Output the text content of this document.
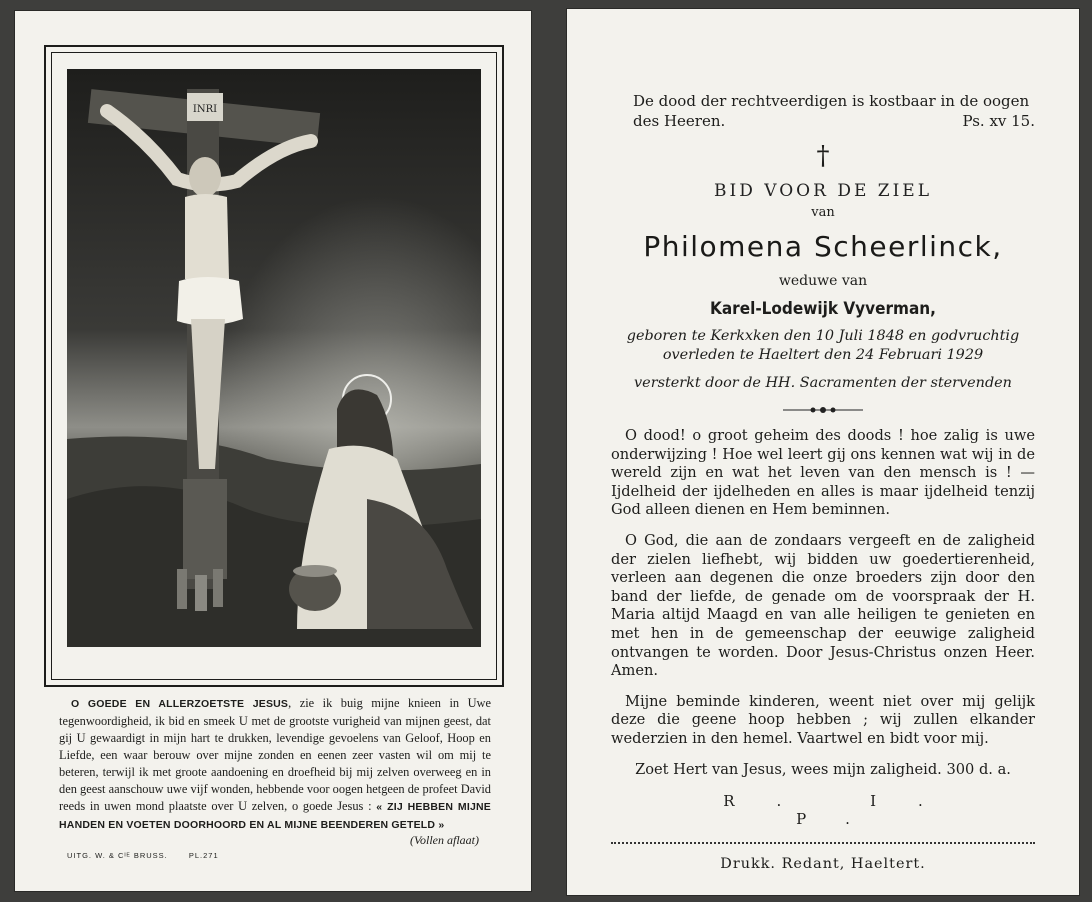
INRI

O GOEDE EN ALLERZOETSTE JESUS, zie ik buig mijne knieen in Uwe tegenwoordigheid, ik bid en smeek U met de grootste vurigheid van mijnen geest, dat gij U gewaardigt in mijn hart te drukken, levendige gevoelens van Geloof, Hoop en Liefde, een waar berouw over mijne zonden en eenen zeer vasten wil om mij te beteren, terwijl ik met groote aandoening en droefheid bij mij zelven overweeg en in den geest aanschouw uwe vijf wonden, hebbende voor oogen hetgeen de profeet David reeds in uwen mond plaatste over U zelven, o goede Jesus : « ZIJ HEBBEN MIJNE HANDEN EN VOETEN DOORHOORD EN AL MIJNE BEENDEREN GETELD »

(Vollen aflaat)
UITG. W. & Cᴵᴱ BRUSS.	PL.271
De dood der rechtveerdigen is kostbaar in de oogen
des Heeren.	Ps. xv 15.
†
BID VOOR DE ZIEL
van
Philomena Scheerlinck,
weduwe van
Karel-Lodewijk Vyverman,
geboren te Kerkxken den 10 Juli 1848 en godvruchtig overleden te Haeltert den 24 Februari 1929
versterkt door de HH. Sacramenten der stervenden

O dood! o groot geheim des doods ! hoe zalig is uwe onderwijzing ! Hoe wel leert gij ons kennen wat wij in de wereld zijn en wat het leven van den mensch is ! — Ijdelheid der ijdelheden en alles is maar ijdelheid tenzij God alleen dienen en Hem beminnen.

O God, die aan de zondaars vergeeft en de zaligheid der zielen liefhebt, wij bidden uw goedertierenheid, verleen aan degenen die onze broeders zijn door den band der liefde, de genade om de voorspraak der H. Maria altijd Maagd en van alle heiligen te genieten en met hen in de gemeenschap der eeuwige zaligheid ontvangen te worden. Door Jesus-Christus onzen Heer. Amen.

Mijne beminde kinderen, weent niet over mij gelijk deze die geene hoop hebben ; wij zullen elkander wederzien in den hemel. Vaartwel en bidt voor mij.

Zoet Hert van Jesus, wees mijn zaligheid. 300 d. a.
R. I. P.
Drukk. Redant, Haeltert.
